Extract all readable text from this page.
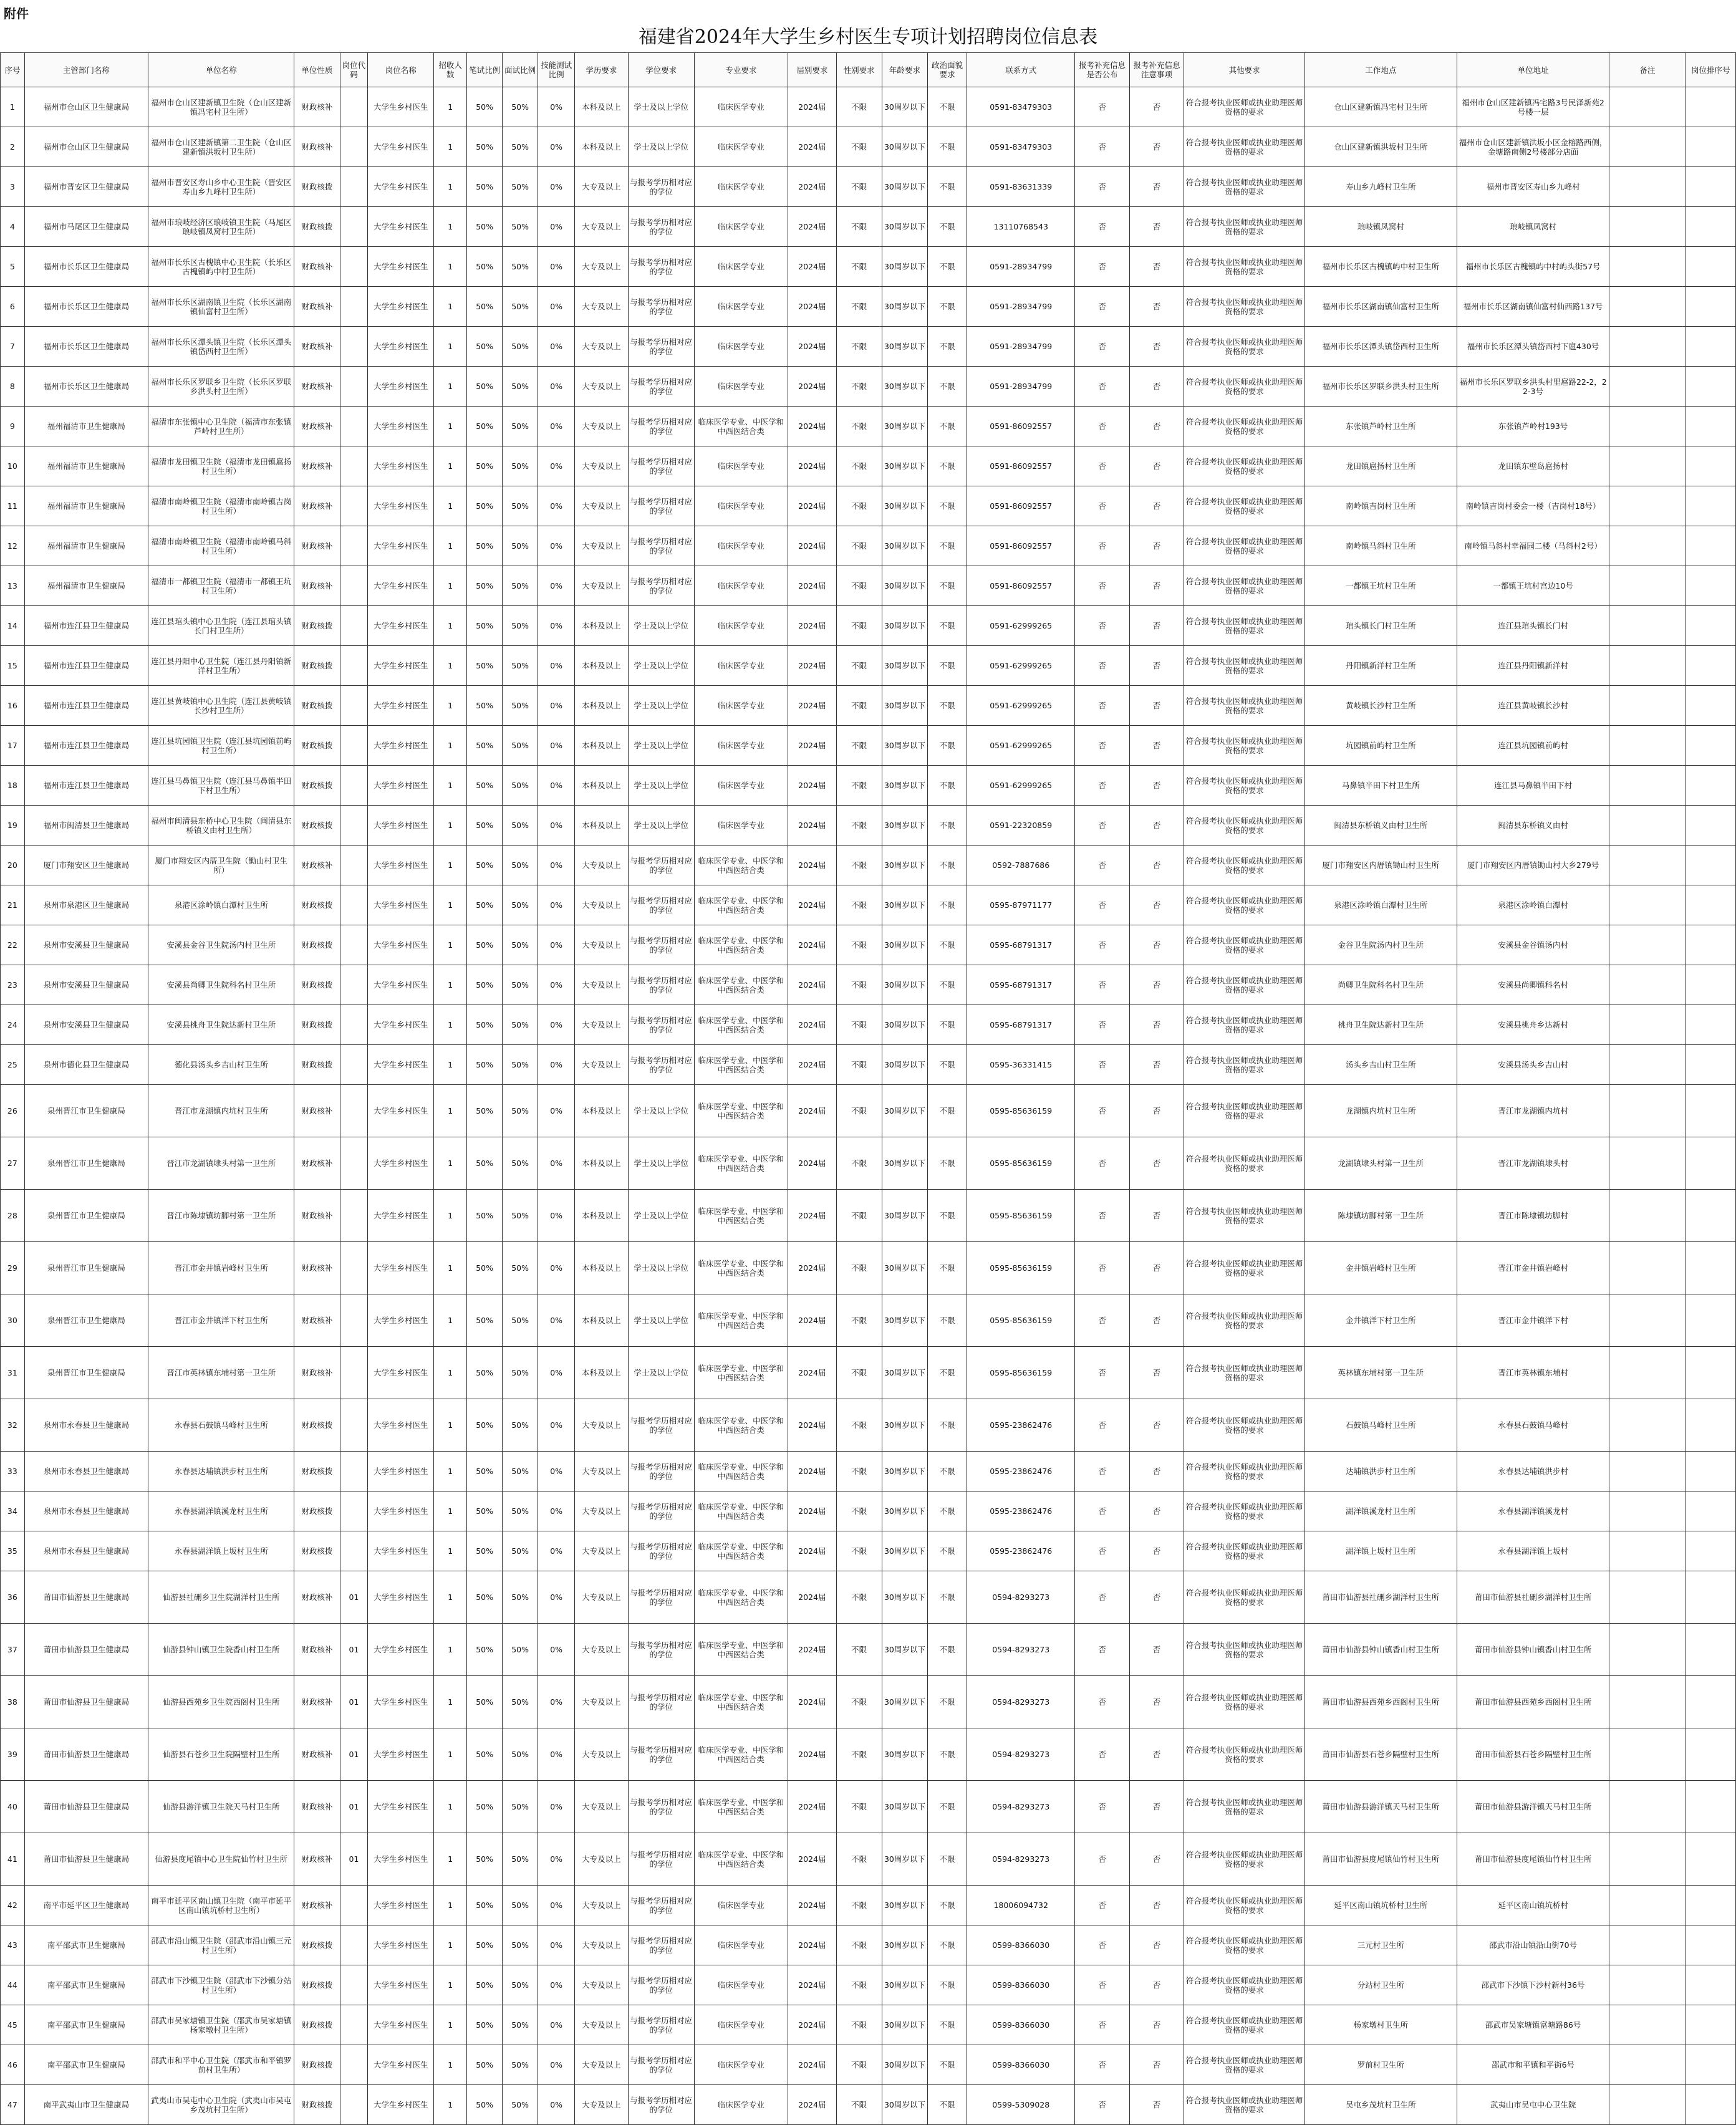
附件
福建省2024年大学生乡村医生专项计划招聘岗位信息表
序号	主管部门名称	单位名称	单位性质	岗位代码	岗位名称	招收人数	笔试比例	面试比例	技能测试比例	学历要求	学位要求	专业要求	届别要求	性别要求	年龄要求	政治面貌要求	联系方式	报考补充信息是否公布	报考补充信息注意事项	其他要求	工作地点	单位地址	备注	岗位排序号
1	福州市仓山区卫生健康局	福州市仓山区建新镇卫生院（仓山区建新镇冯宅村卫生所）	财政核补		大学生乡村医生	1	50%	50%	0%	本科及以上	学士及以上学位	临床医学专业	2024届	不限	30周岁以下	不限	0591-83479303	否	否	符合报考执业医师或执业助理医师资格的要求	仓山区建新镇冯宅村卫生所	福州市仓山区建新镇冯宅路3号民泽新苑2号楼一层		
2	福州市仓山区卫生健康局	福州市仓山区建新镇第二卫生院（仓山区建新镇洪坂村卫生所）	财政核补		大学生乡村医生	1	50%	50%	0%	本科及以上	学士及以上学位	临床医学专业	2024届	不限	30周岁以下	不限	0591-83479303	否	否	符合报考执业医师或执业助理医师资格的要求	仓山区建新镇洪坂村卫生所	福州市仓山区建新镇洪坂小区金榕路西侧，金塘路南侧2号楼部分店面		
3	福州市晋安区卫生健康局	福州市晋安区寿山乡中心卫生院（晋安区寿山乡九峰村卫生所）	财政核拨		大学生乡村医生	1	50%	50%	0%	大专及以上	与报考学历相对应的学位	临床医学专业	2024届	不限	30周岁以下	不限	0591-83631339	否	否	符合报考执业医师或执业助理医师资格的要求	寿山乡九峰村卫生所	福州市晋安区寿山乡九峰村		
4	福州市马尾区卫生健康局	福州市琅岐经济区琅岐镇卫生院（马尾区琅岐镇凤窝村卫生所）	财政核拨		大学生乡村医生	1	50%	50%	0%	大专及以上	与报考学历相对应的学位	临床医学专业	2024届	不限	30周岁以下	不限	13110768543	否	否	符合报考执业医师或执业助理医师资格的要求	琅岐镇凤窝村	琅岐镇凤窝村		
5	福州市长乐区卫生健康局	福州市长乐区古槐镇中心卫生院（长乐区古槐镇屿中村卫生所）	财政核补		大学生乡村医生	1	50%	50%	0%	大专及以上	与报考学历相对应的学位	临床医学专业	2024届	不限	30周岁以下	不限	0591-28934799	否	否	符合报考执业医师或执业助理医师资格的要求	福州市长乐区古槐镇屿中村卫生所	福州市长乐区古槐镇屿中村屿头街57号		
6	福州市长乐区卫生健康局	福州市长乐区湖南镇卫生院（长乐区湖南镇仙富村卫生所）	财政核补		大学生乡村医生	1	50%	50%	0%	大专及以上	与报考学历相对应的学位	临床医学专业	2024届	不限	30周岁以下	不限	0591-28934799	否	否	符合报考执业医师或执业助理医师资格的要求	福州市长乐区湖南镇仙富村卫生所	福州市长乐区湖南镇仙富村仙西路137号		
7	福州市长乐区卫生健康局	福州市长乐区潭头镇卫生院（长乐区潭头镇岱西村卫生所）	财政核补		大学生乡村医生	1	50%	50%	0%	大专及以上	与报考学历相对应的学位	临床医学专业	2024届	不限	30周岁以下	不限	0591-28934799	否	否	符合报考执业医师或执业助理医师资格的要求	福州市长乐区潭头镇岱西村卫生所	福州市长乐区潭头镇岱西村下扈430号		
8	福州市长乐区卫生健康局	福州市长乐区罗联乡卫生院（长乐区罗联乡洪头村卫生所）	财政核补		大学生乡村医生	1	50%	50%	0%	大专及以上	与报考学历相对应的学位	临床医学专业	2024届	不限	30周岁以下	不限	0591-28934799	否	否	符合报考执业医师或执业助理医师资格的要求	福州市长乐区罗联乡洪头村卫生所	福州市长乐区罗联乡洪头村里扈路22-2，22-3号		
9	福州福清市卫生健康局	福清市东张镇中心卫生院（福清市东张镇芦岭村卫生所）	财政核补		大学生乡村医生	1	50%	50%	0%	大专及以上	与报考学历相对应的学位	临床医学专业、中医学和中西医结合类	2024届	不限	30周岁以下	不限	0591-86092557	否	否	符合报考执业医师或执业助理医师资格的要求	东张镇芦岭村卫生所	东张镇芦岭村193号		
10	福州福清市卫生健康局	福清市龙田镇卫生院（福清市龙田镇扈扬村卫生所）	财政核补		大学生乡村医生	1	50%	50%	0%	大专及以上	与报考学历相对应的学位	临床医学专业	2024届	不限	30周岁以下	不限	0591-86092557	否	否	符合报考执业医师或执业助理医师资格的要求	龙田镇扈扬村卫生所	龙田镇东壁岛扈扬村		
11	福州福清市卫生健康局	福清市南岭镇卫生院（福清市南岭镇吉岗村卫生所）	财政核补		大学生乡村医生	1	50%	50%	0%	大专及以上	与报考学历相对应的学位	临床医学专业	2024届	不限	30周岁以下	不限	0591-86092557	否	否	符合报考执业医师或执业助理医师资格的要求	南岭镇吉岗村卫生所	南岭镇吉岗村委会一楼（吉岗村18号）		
12	福州福清市卫生健康局	福清市南岭镇卫生院（福清市南岭镇马斜村卫生所）	财政核补		大学生乡村医生	1	50%	50%	0%	大专及以上	与报考学历相对应的学位	临床医学专业	2024届	不限	30周岁以下	不限	0591-86092557	否	否	符合报考执业医师或执业助理医师资格的要求	南岭镇马斜村卫生所	南岭镇马斜村幸福园二楼（马斜村2号）		
13	福州福清市卫生健康局	福清市一都镇卫生院（福清市一都镇王坑村卫生所）	财政核补		大学生乡村医生	1	50%	50%	0%	大专及以上	与报考学历相对应的学位	临床医学专业	2024届	不限	30周岁以下	不限	0591-86092557	否	否	符合报考执业医师或执业助理医师资格的要求	一都镇王坑村卫生所	一都镇王坑村宫边10号		
14	福州市连江县卫生健康局	连江县琯头镇中心卫生院（连江县琯头镇长门村卫生所）	财政核拨		大学生乡村医生	1	50%	50%	0%	本科及以上	学士及以上学位	临床医学专业	2024届	不限	30周岁以下	不限	0591-62999265	否	否	符合报考执业医师或执业助理医师资格的要求	琯头镇长门村卫生所	连江县琯头镇长门村		
15	福州市连江县卫生健康局	连江县丹阳中心卫生院（连江县丹阳镇新洋村卫生所）	财政核拨		大学生乡村医生	1	50%	50%	0%	本科及以上	学士及以上学位	临床医学专业	2024届	不限	30周岁以下	不限	0591-62999265	否	否	符合报考执业医师或执业助理医师资格的要求	丹阳镇新洋村卫生所	连江县丹阳镇新洋村		
16	福州市连江县卫生健康局	连江县黄岐镇中心卫生院（连江县黄岐镇长沙村卫生所）	财政核拨		大学生乡村医生	1	50%	50%	0%	本科及以上	学士及以上学位	临床医学专业	2024届	不限	30周岁以下	不限	0591-62999265	否	否	符合报考执业医师或执业助理医师资格的要求	黄岐镇长沙村卫生所	连江县黄岐镇长沙村		
17	福州市连江县卫生健康局	连江县坑园镇卫生院（连江县坑园镇前屿村卫生所）	财政核拨		大学生乡村医生	1	50%	50%	0%	本科及以上	学士及以上学位	临床医学专业	2024届	不限	30周岁以下	不限	0591-62999265	否	否	符合报考执业医师或执业助理医师资格的要求	坑园镇前屿村卫生所	连江县坑园镇前屿村		
18	福州市连江县卫生健康局	连江县马鼻镇卫生院（连江县马鼻镇半田下村卫生所）	财政核拨		大学生乡村医生	1	50%	50%	0%	本科及以上	学士及以上学位	临床医学专业	2024届	不限	30周岁以下	不限	0591-62999265	否	否	符合报考执业医师或执业助理医师资格的要求	马鼻镇半田下村卫生所	连江县马鼻镇半田下村		
19	福州市闽清县卫生健康局	福州市闽清县东桥中心卫生院（闽清县东桥镇义由村卫生所）	财政核拨		大学生乡村医生	1	50%	50%	0%	本科及以上	学士及以上学位	临床医学专业	2024届	不限	30周岁以下	不限	0591-22320859	否	否	符合报考执业医师或执业助理医师资格的要求	闽清县东桥镇义由村卫生所	闽清县东桥镇义由村		
20	厦门市翔安区卫生健康局	厦门市翔安区内厝卫生院（锄山村卫生所）	财政核补		大学生乡村医生	1	50%	50%	0%	大专及以上	与报考学历相对应的学位	临床医学专业、中医学和中西医结合类	2024届	不限	30周岁以下	不限	0592-7887686	否	否	符合报考执业医师或执业助理医师资格的要求	厦门市翔安区内厝镇锄山村卫生所	厦门市翔安区内厝镇锄山村大乡279号		
21	泉州市泉港区卫生健康局	泉港区涂岭镇白潭村卫生所	财政核拨		大学生乡村医生	1	50%	50%	0%	大专及以上	与报考学历相对应的学位	临床医学专业、中医学和中西医结合类	2024届	不限	30周岁以下	不限	0595-87971177	否	否	符合报考执业医师或执业助理医师资格的要求	泉港区涂岭镇白潭村卫生所	泉港区涂岭镇白潭村		
22	泉州市安溪县卫生健康局	安溪县金谷卫生院汤内村卫生所	财政核拨		大学生乡村医生	1	50%	50%	0%	大专及以上	与报考学历相对应的学位	临床医学专业、中医学和中西医结合类	2024届	不限	30周岁以下	不限	0595-68791317	否	否	符合报考执业医师或执业助理医师资格的要求	金谷卫生院汤内村卫生所	安溪县金谷镇汤内村		
23	泉州市安溪县卫生健康局	安溪县尚卿卫生院科名村卫生所	财政核拨		大学生乡村医生	1	50%	50%	0%	大专及以上	与报考学历相对应的学位	临床医学专业、中医学和中西医结合类	2024届	不限	30周岁以下	不限	0595-68791317	否	否	符合报考执业医师或执业助理医师资格的要求	尚卿卫生院科名村卫生所	安溪县尚卿镇科名村		
24	泉州市安溪县卫生健康局	安溪县桃舟卫生院达新村卫生所	财政核拨		大学生乡村医生	1	50%	50%	0%	大专及以上	与报考学历相对应的学位	临床医学专业、中医学和中西医结合类	2024届	不限	30周岁以下	不限	0595-68791317	否	否	符合报考执业医师或执业助理医师资格的要求	桃舟卫生院达新村卫生所	安溪县桃舟乡达新村		
25	泉州市德化县卫生健康局	德化县汤头乡吉山村卫生所	财政核拨		大学生乡村医生	1	50%	50%	0%	大专及以上	与报考学历相对应的学位	临床医学专业、中医学和中西医结合类	2024届	不限	30周岁以下	不限	0595-36331415	否	否	符合报考执业医师或执业助理医师资格的要求	汤头乡吉山村卫生所	安溪县汤头乡吉山村		
26	泉州晋江市卫生健康局	晋江市龙湖镇内坑村卫生所	财政核补		大学生乡村医生	1	50%	50%	0%	本科及以上	学士及以上学位	临床医学专业、中医学和中西医结合类	2024届	不限	30周岁以下	不限	0595-85636159	否	否	符合报考执业医师或执业助理医师资格的要求	龙湖镇内坑村卫生所	晋江市龙湖镇内坑村		
27	泉州晋江市卫生健康局	晋江市龙湖镇埭头村第一卫生所	财政核补		大学生乡村医生	1	50%	50%	0%	本科及以上	学士及以上学位	临床医学专业、中医学和中西医结合类	2024届	不限	30周岁以下	不限	0595-85636159	否	否	符合报考执业医师或执业助理医师资格的要求	龙湖镇埭头村第一卫生所	晋江市龙湖镇埭头村		
28	泉州晋江市卫生健康局	晋江市陈埭镇坊脚村第一卫生所	财政核补		大学生乡村医生	1	50%	50%	0%	本科及以上	学士及以上学位	临床医学专业、中医学和中西医结合类	2024届	不限	30周岁以下	不限	0595-85636159	否	否	符合报考执业医师或执业助理医师资格的要求	陈埭镇坊脚村第一卫生所	晋江市陈埭镇坊脚村		
29	泉州晋江市卫生健康局	晋江市金井镇岩峰村卫生所	财政核补		大学生乡村医生	1	50%	50%	0%	本科及以上	学士及以上学位	临床医学专业、中医学和中西医结合类	2024届	不限	30周岁以下	不限	0595-85636159	否	否	符合报考执业医师或执业助理医师资格的要求	金井镇岩峰村卫生所	晋江市金井镇岩峰村		
30	泉州晋江市卫生健康局	晋江市金井镇洋下村卫生所	财政核补		大学生乡村医生	1	50%	50%	0%	本科及以上	学士及以上学位	临床医学专业、中医学和中西医结合类	2024届	不限	30周岁以下	不限	0595-85636159	否	否	符合报考执业医师或执业助理医师资格的要求	金井镇洋下村卫生所	晋江市金井镇洋下村		
31	泉州晋江市卫生健康局	晋江市英林镇东埔村第一卫生所	财政核补		大学生乡村医生	1	50%	50%	0%	本科及以上	学士及以上学位	临床医学专业、中医学和中西医结合类	2024届	不限	30周岁以下	不限	0595-85636159	否	否	符合报考执业医师或执业助理医师资格的要求	英林镇东埔村第一卫生所	晋江市英林镇东埔村		
32	泉州市永春县卫生健康局	永春县石鼓镇马峰村卫生所	财政核拨		大学生乡村医生	1	50%	50%	0%	大专及以上	与报考学历相对应的学位	临床医学专业、中医学和中西医结合类	2024届	不限	30周岁以下	不限	0595-23862476	否	否	符合报考执业医师或执业助理医师资格的要求	石鼓镇马峰村卫生所	永春县石鼓镇马峰村		
33	泉州市永春县卫生健康局	永春县达埔镇洪步村卫生所	财政核拨		大学生乡村医生	1	50%	50%	0%	大专及以上	与报考学历相对应的学位	临床医学专业、中医学和中西医结合类	2024届	不限	30周岁以下	不限	0595-23862476	否	否	符合报考执业医师或执业助理医师资格的要求	达埔镇洪步村卫生所	永春县达埔镇洪步村		
34	泉州市永春县卫生健康局	永春县湖洋镇溪龙村卫生所	财政核拨		大学生乡村医生	1	50%	50%	0%	大专及以上	与报考学历相对应的学位	临床医学专业、中医学和中西医结合类	2024届	不限	30周岁以下	不限	0595-23862476	否	否	符合报考执业医师或执业助理医师资格的要求	湖洋镇溪龙村卫生所	永春县湖洋镇溪龙村		
35	泉州市永春县卫生健康局	永春县湖洋镇上坂村卫生所	财政核拨		大学生乡村医生	1	50%	50%	0%	大专及以上	与报考学历相对应的学位	临床医学专业、中医学和中西医结合类	2024届	不限	30周岁以下	不限	0595-23862476	否	否	符合报考执业医师或执业助理医师资格的要求	湖洋镇上坂村卫生所	永春县湖洋镇上坂村		
36	莆田市仙游县卫生健康局	仙游县社硎乡卫生院湖洋村卫生所	财政核补	01	大学生乡村医生	1	50%	50%	0%	大专及以上	与报考学历相对应的学位	临床医学专业、中医学和中西医结合类	2024届	不限	30周岁以下	不限	0594-8293273	否	否	符合报考执业医师或执业助理医师资格的要求	莆田市仙游县社硎乡湖洋村卫生所	莆田市仙游县社硎乡湖洋村卫生所		
37	莆田市仙游县卫生健康局	仙游县钟山镇卫生院香山村卫生所	财政核补	01	大学生乡村医生	1	50%	50%	0%	大专及以上	与报考学历相对应的学位	临床医学专业、中医学和中西医结合类	2024届	不限	30周岁以下	不限	0594-8293273	否	否	符合报考执业医师或执业助理医师资格的要求	莆田市仙游县钟山镇香山村卫生所	莆田市仙游县钟山镇香山村卫生所		
38	莆田市仙游县卫生健康局	仙游县西苑乡卫生院西阁村卫生所	财政核补	01	大学生乡村医生	1	50%	50%	0%	大专及以上	与报考学历相对应的学位	临床医学专业、中医学和中西医结合类	2024届	不限	30周岁以下	不限	0594-8293273	否	否	符合报考执业医师或执业助理医师资格的要求	莆田市仙游县西苑乡西阁村卫生所	莆田市仙游县西苑乡西阁村卫生所		
39	莆田市仙游县卫生健康局	仙游县石苍乡卫生院隔壁村卫生所	财政核补	01	大学生乡村医生	1	50%	50%	0%	大专及以上	与报考学历相对应的学位	临床医学专业、中医学和中西医结合类	2024届	不限	30周岁以下	不限	0594-8293273	否	否	符合报考执业医师或执业助理医师资格的要求	莆田市仙游县石苍乡隔壁村卫生所	莆田市仙游县石苍乡隔壁村卫生所		
40	莆田市仙游县卫生健康局	仙游县游洋镇卫生院天马村卫生所	财政核补	01	大学生乡村医生	1	50%	50%	0%	大专及以上	与报考学历相对应的学位	临床医学专业、中医学和中西医结合类	2024届	不限	30周岁以下	不限	0594-8293273	否	否	符合报考执业医师或执业助理医师资格的要求	莆田市仙游县游洋镇天马村卫生所	莆田市仙游县游洋镇天马村卫生所		
41	莆田市仙游县卫生健康局	仙游县度尾镇中心卫生院仙竹村卫生所	财政核补	01	大学生乡村医生	1	50%	50%	0%	大专及以上	与报考学历相对应的学位	临床医学专业、中医学和中西医结合类	2024届	不限	30周岁以下	不限	0594-8293273	否	否	符合报考执业医师或执业助理医师资格的要求	莆田市仙游县度尾镇仙竹村卫生所	莆田市仙游县度尾镇仙竹村卫生所		
42	南平市延平区卫生健康局	南平市延平区南山镇卫生院（南平市延平区南山镇坑桥村卫生所）	财政核补		大学生乡村医生	1	50%	50%	0%	大专及以上	与报考学历相对应的学位	临床医学专业	2024届	不限	30周岁以下	不限	18006094732	否	否	符合报考执业医师或执业助理医师资格的要求	延平区南山镇坑桥村卫生所	延平区南山镇坑桥村		
43	南平邵武市卫生健康局	邵武市沿山镇卫生院（邵武市沿山镇三元村卫生所）	财政核拨		大学生乡村医生	1	50%	50%	0%	大专及以上	与报考学历相对应的学位	临床医学专业	2024届	不限	30周岁以下	不限	0599-8366030	否	否	符合报考执业医师或执业助理医师资格的要求	三元村卫生所	邵武市沿山镇沿山街70号		
44	南平邵武市卫生健康局	邵武市下沙镇卫生院（邵武市下沙镇分站村卫生所）	财政核拨		大学生乡村医生	1	50%	50%	0%	大专及以上	与报考学历相对应的学位	临床医学专业	2024届	不限	30周岁以下	不限	0599-8366030	否	否	符合报考执业医师或执业助理医师资格的要求	分站村卫生所	邵武市下沙镇下沙村新村36号		
45	南平邵武市卫生健康局	邵武市吴家塘镇卫生院（邵武市吴家塘镇杨家墩村卫生所）	财政核拨		大学生乡村医生	1	50%	50%	0%	大专及以上	与报考学历相对应的学位	临床医学专业	2024届	不限	30周岁以下	不限	0599-8366030	否	否	符合报考执业医师或执业助理医师资格的要求	杨家墩村卫生所	邵武市吴家塘镇富塘路86号		
46	南平邵武市卫生健康局	邵武市和平中心卫生院（邵武市和平镇罗前村卫生所）	财政核拨		大学生乡村医生	1	50%	50%	0%	大专及以上	与报考学历相对应的学位	临床医学专业	2024届	不限	30周岁以下	不限	0599-8366030	否	否	符合报考执业医师或执业助理医师资格的要求	罗前村卫生所	邵武市和平镇和平街6号		
47	南平武夷山市卫生健康局	武夷山市吴屯中心卫生院（武夷山市吴屯乡茂坑村卫生所）	财政核拨		大学生乡村医生	1	50%	50%	0%	大专及以上	与报考学历相对应的学位	临床医学专业	2024届	不限	30周岁以下	不限	0599-5309028	否	否	符合报考执业医师或执业助理医师资格的要求	吴屯乡茂坑村卫生所	武夷山市吴屯中心卫生院		
